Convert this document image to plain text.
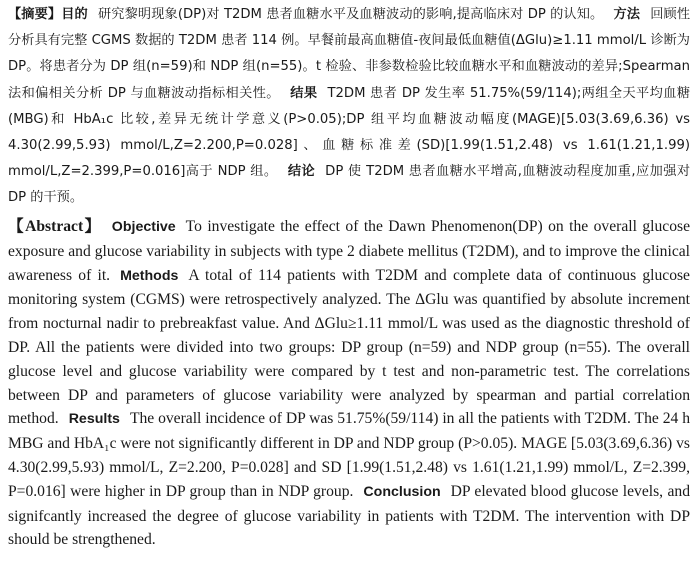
【摘要】目的 研究黎明现象(DP)对 T2DM 患者血糖水平及血糖波动的影响,提高临床对 DP 的认知。 方法 回顾性分析具有完整 CGMS 数据的 T2DM 患者 114 例。早餐前最高血糖值-夜间最低血糖值(ΔGlu)≥1.11 mmol/L 诊断为 DP。将患者分为 DP 组(n=59)和 NDP 组(n=55)。t 检验、非参数检验比较血糖水平和血糖波动的差异;Spearman 法和偏相关分析 DP 与血糖波动指标相关性。 结果 T2DM 患者 DP 发生率 51.75%(59/114);两组全天平均血糖(MBG)和 HbA₁c 比较,差异无统计学意义(P>0.05);DP 组平均血糖波动幅度(MAGE)[5.03(3.69,6.36) vs 4.30(2.99,5.93) mmol/L,Z=2.200,P=0.028]、血糖标准差(SD)[1.99(1.51,2.48) vs 1.61(1.21,1.99) mmol/L,Z=2.399,P=0.016]高于 NDP 组。 结论 DP 使 T2DM 患者血糖水平增高,血糖波动程度加重,应加强对 DP 的干预。

【Abstract】 Objective To investigate the effect of the Dawn Phenomenon(DP) on the overall glucose exposure and glucose variability in subjects with type 2 diabete mellitus (T2DM), and to improve the clinical awareness of it. Methods A total of 114 patients with T2DM and complete data of continuous glucose monitoring system (CGMS) were retrospectively analyzed. The ΔGlu was quantified by absolute increment from nocturnal nadir to prebreakfast value. And ΔGlu≥1.11 mmol/L was used as the diagnostic threshold of DP. All the patients were divided into two groups: DP group (n=59) and NDP group (n=55). The overall glucose level and glucose variability were compared by t test and non-parametric test. The correlations between DP and parameters of glucose variability were analyzed by spearman and partial correlation method. Results The overall incidence of DP was 51.75%(59/114) in all the patients with T2DM. The 24 h MBG and HbA₁c were not significantly different in DP and NDP group (P>0.05). MAGE [5.03(3.69,6.36) vs 4.30(2.99,5.93) mmol/L, Z=2.200, P=0.028] and SD [1.99(1.51,2.48) vs 1.61(1.21,1.99) mmol/L, Z=2.399, P=0.016] were higher in DP group than in NDP group. Conclusion DP elevated blood glucose levels, and signifcantly increased the degree of glucose variability in patients with T2DM. The intervention with DP should be strengthened.
